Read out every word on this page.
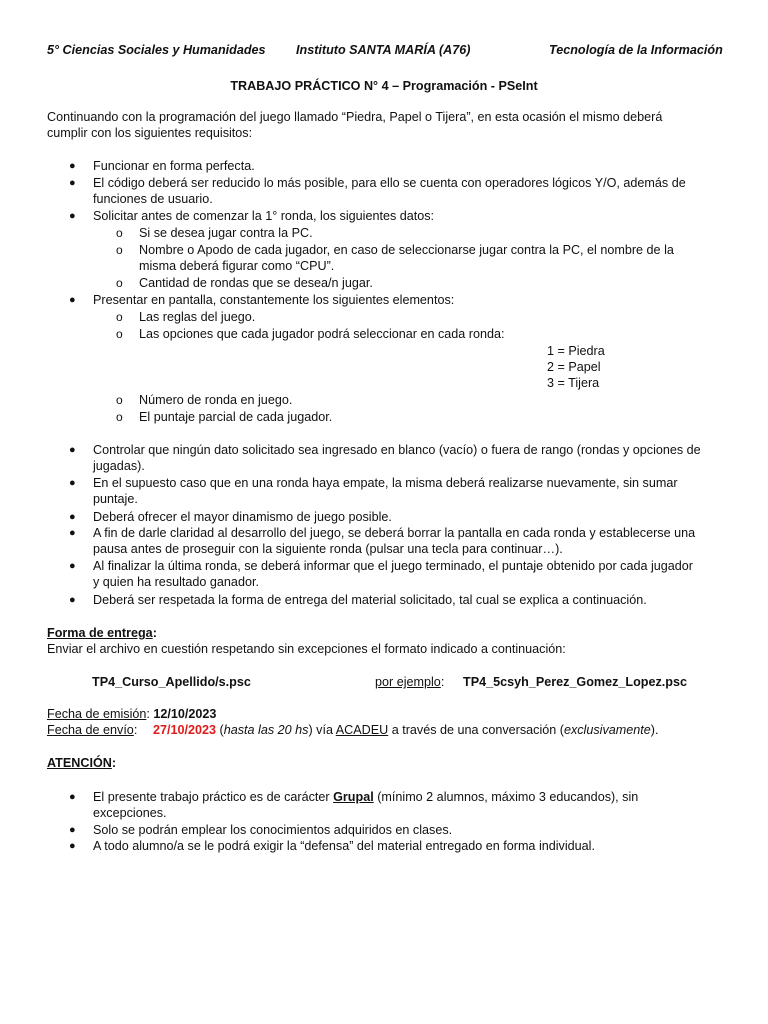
5° Ciencias Sociales y Humanidades Instituto SANTA MARÍA (A76)	Tecnología de la Información
TRABAJO PRÁCTICO N° 4 – Programación - PSeInt
Continuando con la programación del juego llamado “Piedra, Papel o Tijera”, en esta ocasión el mismo deberá
cumplir con los siguientes requisitos:
● Funcionar en forma perfecta.
● El código deberá ser reducido lo más posible, para ello se cuenta con operadores lógicos Y/O, además de
funciones de usuario.
● Solicitar antes de comenzar la 1° ronda, los siguientes datos:
o Si se desea jugar contra la PC.
o Nombre o Apodo de cada jugador, en caso de seleccionarse jugar contra la PC, el nombre de la
misma deberá figurar como “CPU”.
o Cantidad de rondas que se desea/n jugar.
● Presentar en pantalla, constantemente los siguientes elementos:
o Las reglas del juego.
o Las opciones que cada jugador podrá seleccionar en cada ronda:
1 = Piedra
2 = Papel
3 = Tijera
o Número de ronda en juego.
o El puntaje parcial de cada jugador.
● Controlar que ningún dato solicitado sea ingresado en blanco (vacío) o fuera de rango (rondas y opciones de
jugadas).
● En el supuesto caso que en una ronda haya empate, la misma deberá realizarse nuevamente, sin sumar
puntaje.
● Deberá ofrecer el mayor dinamismo de juego posible.
● A fin de darle claridad al desarrollo del juego, se deberá borrar la pantalla en cada ronda y establecerse una
pausa antes de proseguir con la siguiente ronda (pulsar una tecla para continuar…).
● Al finalizar la última ronda, se deberá informar que el juego terminado, el puntaje obtenido por cada jugador
y quien ha resultado ganador.
● Deberá ser respetada la forma de entrega del material solicitado, tal cual se explica a continuación.
Forma de entrega:
Enviar el archivo en cuestión respetando sin excepciones el formato indicado a continuación:
TP4_Curso_Apellido/s.psc	por ejemplo: TP4_5csyh_Perez_Gomez_Lopez.psc
Fecha de emisión: 12/10/2023
Fecha de envío: 27/10/2023 (hasta las 20 hs) vía ACADEU a través de una conversación (exclusivamente).
ATENCIÓN:
● El presente trabajo práctico es de carácter Grupal (mínimo 2 alumnos, máximo 3 educandos), sin
excepciones.
● Solo se podrán emplear los conocimientos adquiridos en clases.
● A todo alumno/a se le podrá exigir la “defensa” del material entregado en forma individual.
